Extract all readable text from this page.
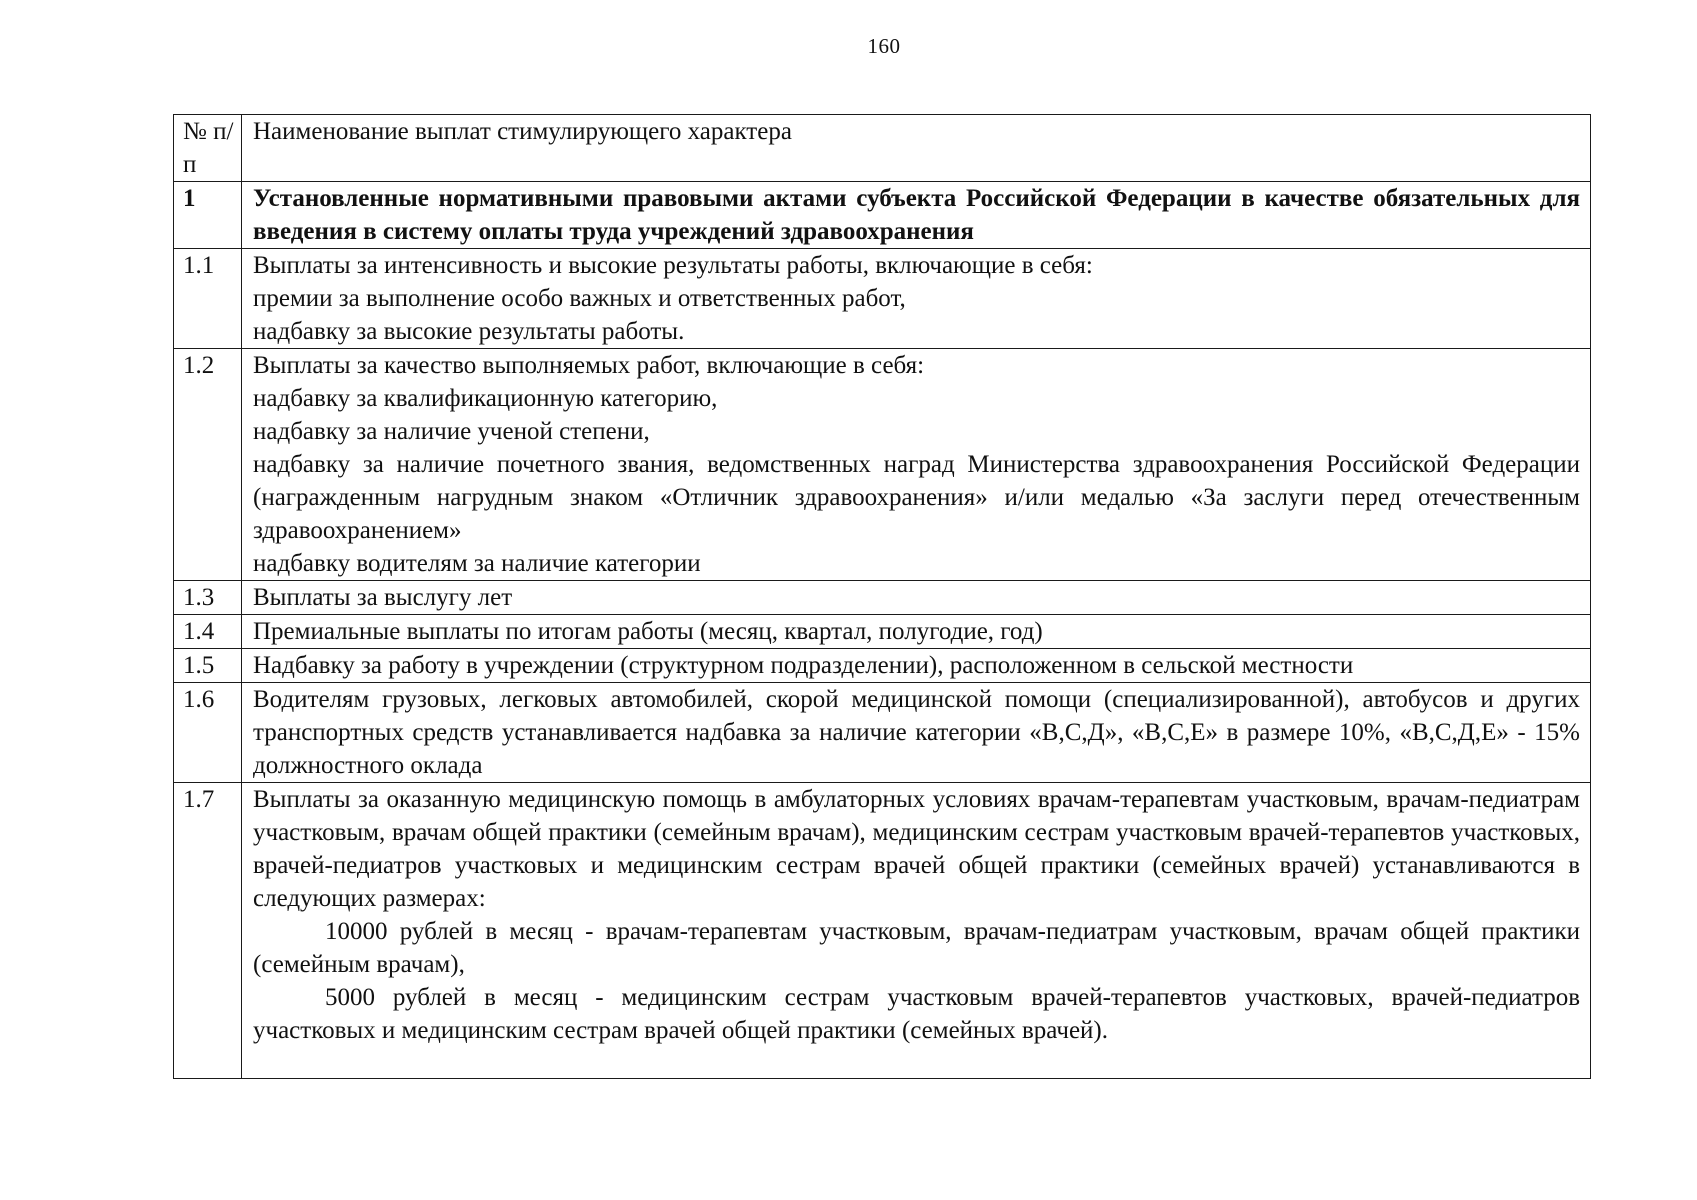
160
№ п/п	Наименование выплат стимулирующего характера
1	Установленные нормативными правовыми актами субъекта Российской Федерации в качестве обязательных для введения в систему оплаты труда учреждений здравоохранения
1.1	Выплаты за интенсивность и высокие результаты работы, включающие в себя:
премии за выполнение особо важных и ответственных работ,
надбавку за высокие результаты работы.

1.2	Выплаты за качество выполняемых работ, включающие в себя:
надбавку за квалификационную категорию,
надбавку за наличие ученой степени,
надбавку за наличие почетного звания, ведомственных наград Министерства здравоохранения Российской Федерации (награжденным нагрудным знаком «Отличник здравоохранения» и/или медалью «За заслуги перед отечественным здравоохранением»
надбавку водителям за наличие категории

1.3	Выплаты за выслугу лет
1.4	Премиальные выплаты по итогам работы (месяц, квартал, полугодие, год)
1.5	Надбавку за работу в учреждении (структурном подразделении), расположенном в сельской местности
1.6	Водителям грузовых, легковых автомобилей, скорой медицинской помощи (специализированной), автобусов и других транспортных средств устанавливается надбавка за наличие категории «В,С,Д», «В,С,Е» в размере 10%, «В,С,Д,Е» - 15% должностного оклада
1.7	Выплаты за оказанную медицинскую помощь в амбулаторных условиях врачам-терапевтам участковым, врачам-педиатрам участковым, врачам общей практики (семейным врачам), медицинским сестрам участковым врачей-терапевтов участковых, врачей-педиатров участковых и медицинским сестрам врачей общей практики (семейных врачей) устанавливаются в следующих размерах:
10000 рублей в месяц - врачам-терапевтам участковым, врачам-педиатрам участковым, врачам общей практики (семейным врачам),
5000 рублей в месяц - медицинским сестрам участковым врачей-терапевтов участковых, врачей-педиатров участковых и медицинским сестрам врачей общей практики (семейных врачей).
